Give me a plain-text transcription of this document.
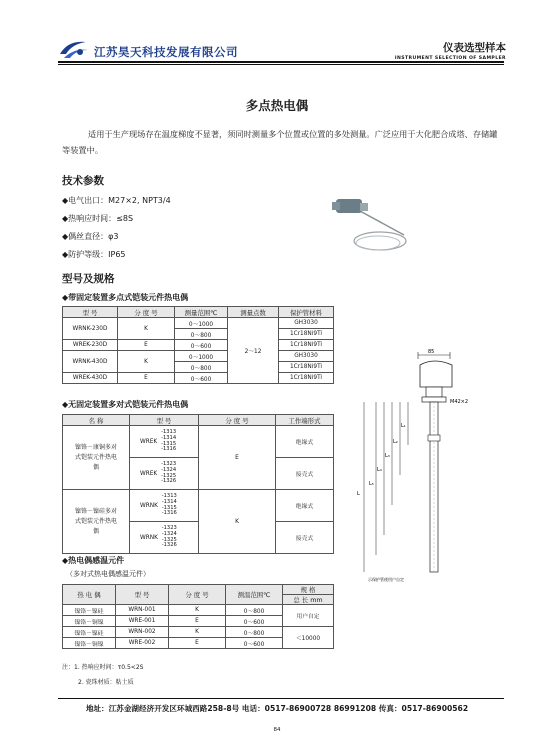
江苏昊天科技发展有限公司	仪表选型样本
INSTRUMENT SELECTION OF SAMPLER
多点热电偶
适用于生产现场存在温度梯度不显著，须同时测量多个位置或位置的多处测量。广泛应用于大化肥合成塔、存储罐等装置中。
技术参数
◆电气出口：M27×2, NPT3/4
◆热响应时间：≤8S
◆偶丝直径：φ3
◆防护等级：IP65
型号及规格
◆带固定装置多点式铠装元件热电偶
型 号	分 度 号	测量范围℃	测量点数	保护管材料
WRNK-230D	K	0～1000	2～12	GH3030
		0～800		1Cr18Ni9Ti
WREK-230D	E	0～600		1Cr18Ni9Ti
WRNK-430D	K	0～1000		GH3030
		0～800		1Cr18Ni9Ti
WREK-430D	E	0～600		1Cr18Ni9Ti
◆无固定装置多对式铠装元件热电偶
名 称	型 号	分 度 号	工作端形式
镍铬－康铜多对式铠装元件热电偶	WREK -1313
-1314
-1315
-1316	E	绝缘式
	WREK -1323
-1324
-1325
-1326		接壳式
镍铬－镍硅多对式铠装元件热电偶	WRNK -1313
-1314
-1315
-1316	K	绝缘式
	WRNK -1323
-1324
-1325
-1326		接壳式
◆热电偶感温元件
（多对式热电偶感温元件）
热 电 偶	型 号	分 度 号	测温范围℃	规 格
				总 长 mm
镍铬－镍硅	WRN-001	K	0～800	用户自定
镍铬－铜镍	WRE-001	E	0～600	
镍铬－镍硅	WRN-002	K	0～800	＜10000
镍铬－铜镍	WRE-002	E	0～600	
注：1. 热响应时间：τ0.5<2S
2. 瓷珠材质：粘土质
85
M42×2
L₁
L₂
L₃
L₄
L₅
L
示保护管使用户自定
地址：江苏金湖经济开发区环城西路258-8号 电话：0517-86900728 86991208 传真：0517-86900562
84
